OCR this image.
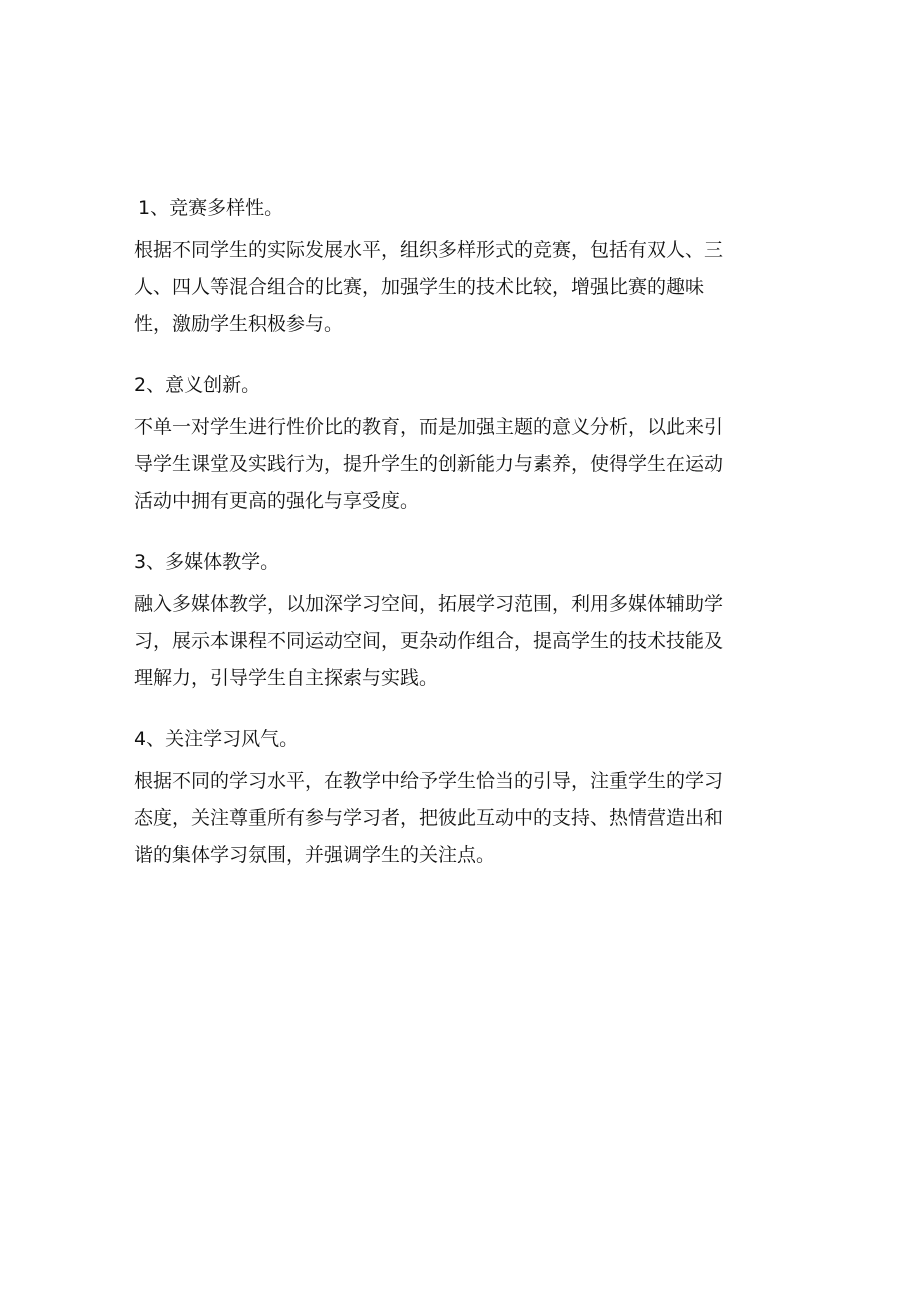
1、竞赛多样性。

根据不同学生的实际发展水平，组织多样形式的竞赛，包括有双人、三
人、四人等混合组合的比赛，加强学生的技术比较，增强比赛的趣味
性，激励学生积极参与。

2、意义创新。

不单一对学生进行性价比的教育，而是加强主题的意义分析，以此来引
导学生课堂及实践行为，提升学生的创新能力与素养，使得学生在运动
活动中拥有更高的强化与享受度。

3、多媒体教学。

融入多媒体教学，以加深学习空间，拓展学习范围，利用多媒体辅助学
习，展示本课程不同运动空间，更杂动作组合，提高学生的技术技能及
理解力，引导学生自主探索与实践。

4、关注学习风气。

根据不同的学习水平，在教学中给予学生恰当的引导，注重学生的学习
态度，关注尊重所有参与学习者，把彼此互动中的支持、热情营造出和
谐的集体学习氛围，并强调学生的关注点。
